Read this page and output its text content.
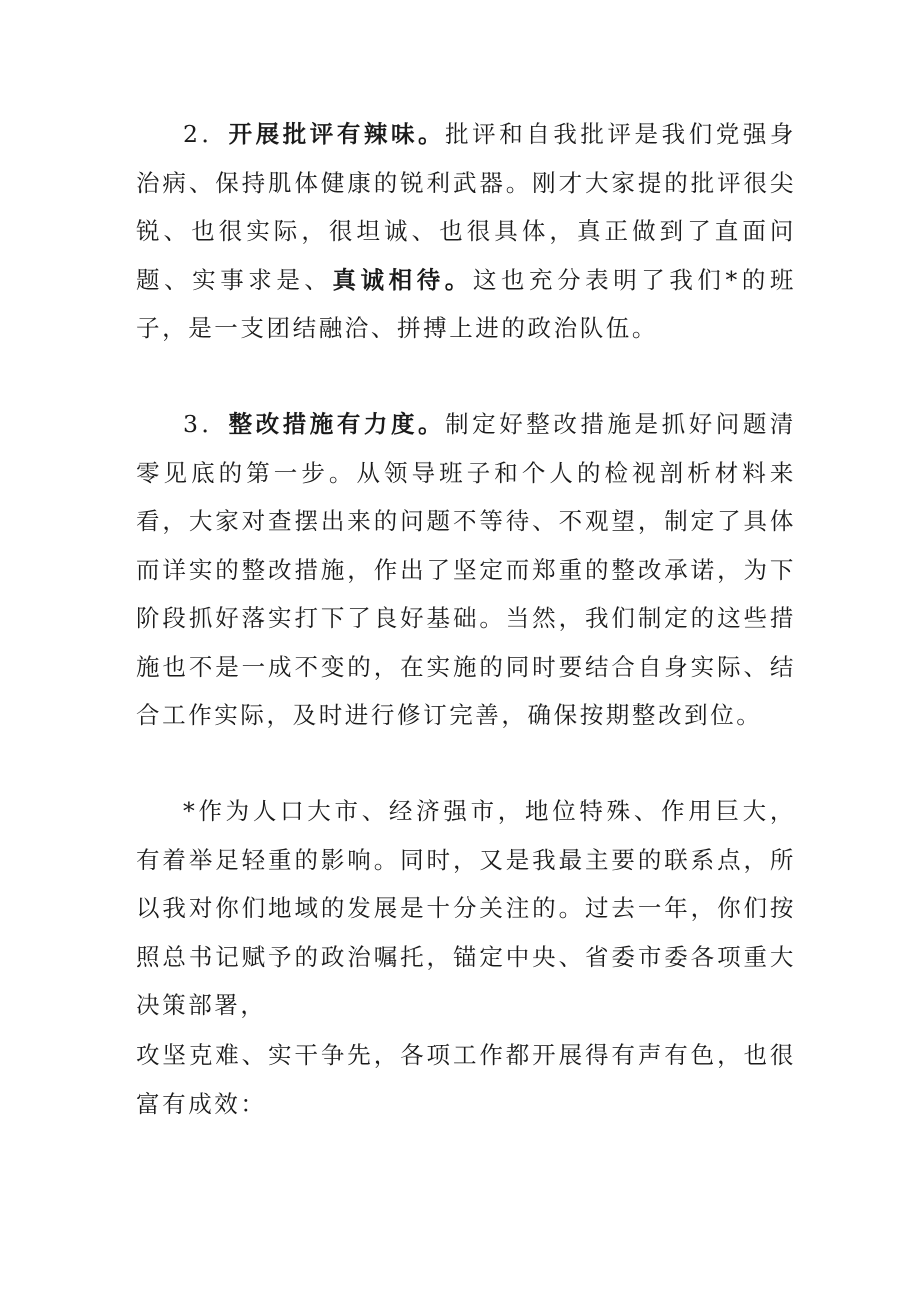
2．开展批评有辣味。批评和自我批评是我们党强身治病、保持肌体健康的锐利武器。刚才大家提的批评很尖锐、也很实际，很坦诚、也很具体，真正做到了直面问题、实事求是、真诚相待。这也充分表明了我们*的班子，是一支团结融洽、拼搏上进的政治队伍。

3．整改措施有力度。制定好整改措施是抓好问题清零见底的第一步。从领导班子和个人的检视剖析材料来看，大家对查摆出来的问题不等待、不观望，制定了具体而详实的整改措施，作出了坚定而郑重的整改承诺，为下阶段抓好落实打下了良好基础。当然，我们制定的这些措施也不是一成不变的，在实施的同时要结合自身实际、结合工作实际，及时进行修订完善，确保按期整改到位。

*作为人口大市、经济强市，地位特殊、作用巨大，有着举足轻重的影响。同时，又是我最主要的联系点，所以我对你们地域的发展是十分关注的。过去一年，你们按照总书记赋予的政治嘱托，锚定中央、省委市委各项重大决策部署，

攻坚克难、实干争先，各项工作都开展得有声有色，也很富有成效：
